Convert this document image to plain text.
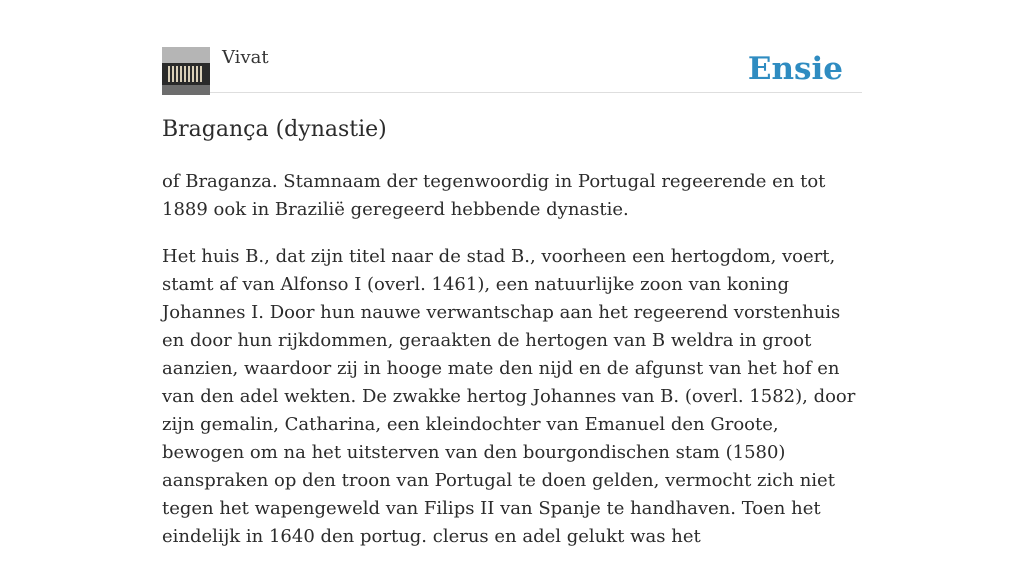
Vivat	Ensie
Bragança (dynastie)

of Braganza. Stamnaam der tegenwoordig in Portugal regeerende en tot 1889 ook in Brazilië geregeerd hebbende dynastie.

Het huis B., dat zijn titel naar de stad B., voorheen een hertogdom, voert, stamt af van Alfonso I (overl. 1461), een natuurlijke zoon van koning Johannes I. Door hun nauwe verwantschap aan het regeerend vorstenhuis en door hun rijkdommen, geraakten de hertogen van B weldra in groot aanzien, waardoor zij in hooge mate den nijd en de afgunst van het hof en van den adel wekten. De zwakke hertog Johannes van B. (overl. 1582), door zijn gemalin, Catharina, een kleindochter van Emanuel den Groote, bewogen om na het uitsterven van den bourgondischen stam (1580) aanspraken op den troon van Portugal te doen gelden, vermocht zich niet tegen het wapengeweld van Filips II van Spanje te handhaven. Toen het eindelijk in 1640 den portug. clerus en adel gelukt was het
